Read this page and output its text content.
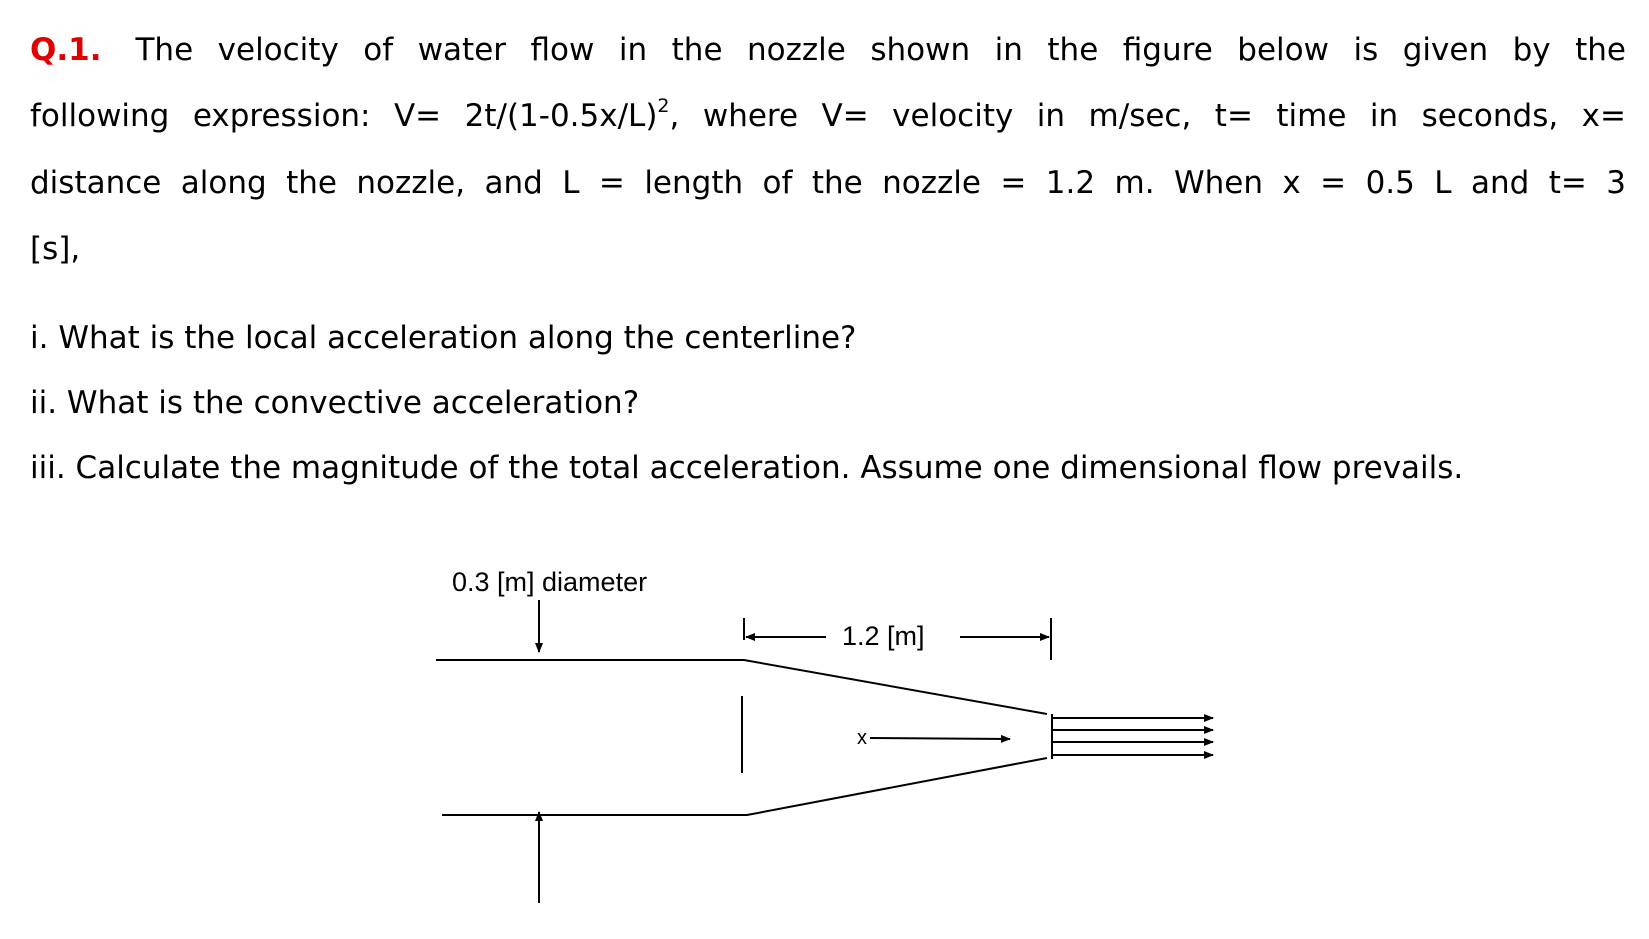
Q.1. The velocity of water flow in the nozzle shown in the figure below is given by the
following expression: $V= 2t/(1-0.5x/L)^2$, where V= velocity in m/sec, t= time in seconds, x=
distance along the nozzle, and L = length of the nozzle = 1.2 m. When x = 0.5 L and t= 3
[s],
i. What is the local acceleration along the centerline?
ii. What is the convective acceleration?
iii. Calculate the magnitude of the total acceleration. Assume one dimensional flow prevails.
0.3 [m] diameter
1.2 [m]
x
